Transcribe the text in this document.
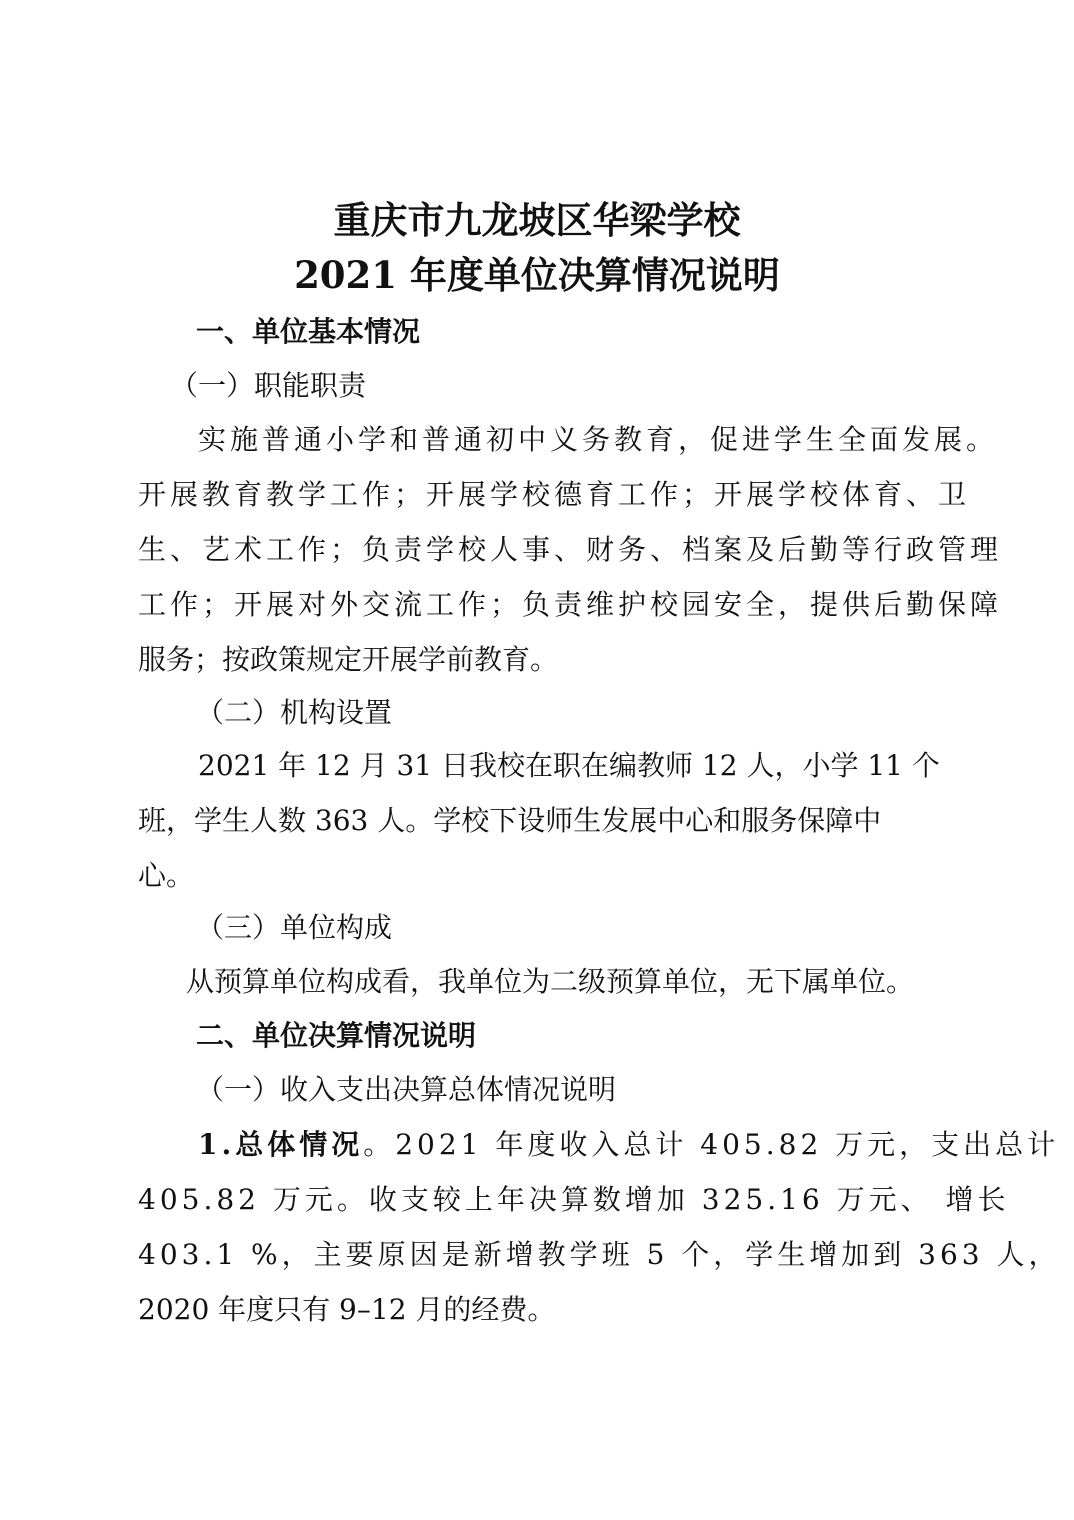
重庆市九龙坡区华梁学校
2021 年度单位决算情况说明
一、单位基本情况
（一）职能职责
实施普通小学和普通初中义务教育，促进学生全面发展。
开展教育教学工作；开展学校德育工作；开展学校体育、卫
生、艺术工作；负责学校人事、财务、档案及后勤等行政管理
工作；开展对外交流工作；负责维护校园安全，提供后勤保障
服务；按政策规定开展学前教育。
（二）机构设置
2021 年 12 月 31 日我校在职在编教师 12 人，小学 11 个
班，学生人数 363 人。学校下设师生发展中心和服务保障中
心。
（三）单位构成
从预算单位构成看，我单位为二级预算单位，无下属单位。
二、单位决算情况说明
（一）收入支出决算总体情况说明
1.总体情况。2021 年度收入总计 405.82 万元，支出总计
405.82 万元。收支较上年决算数增加 325.16 万元、 增长
403.1 %，主要原因是新增教学班 5 个，学生增加到 363 人，
2020 年度只有 9–12 月的经费。
